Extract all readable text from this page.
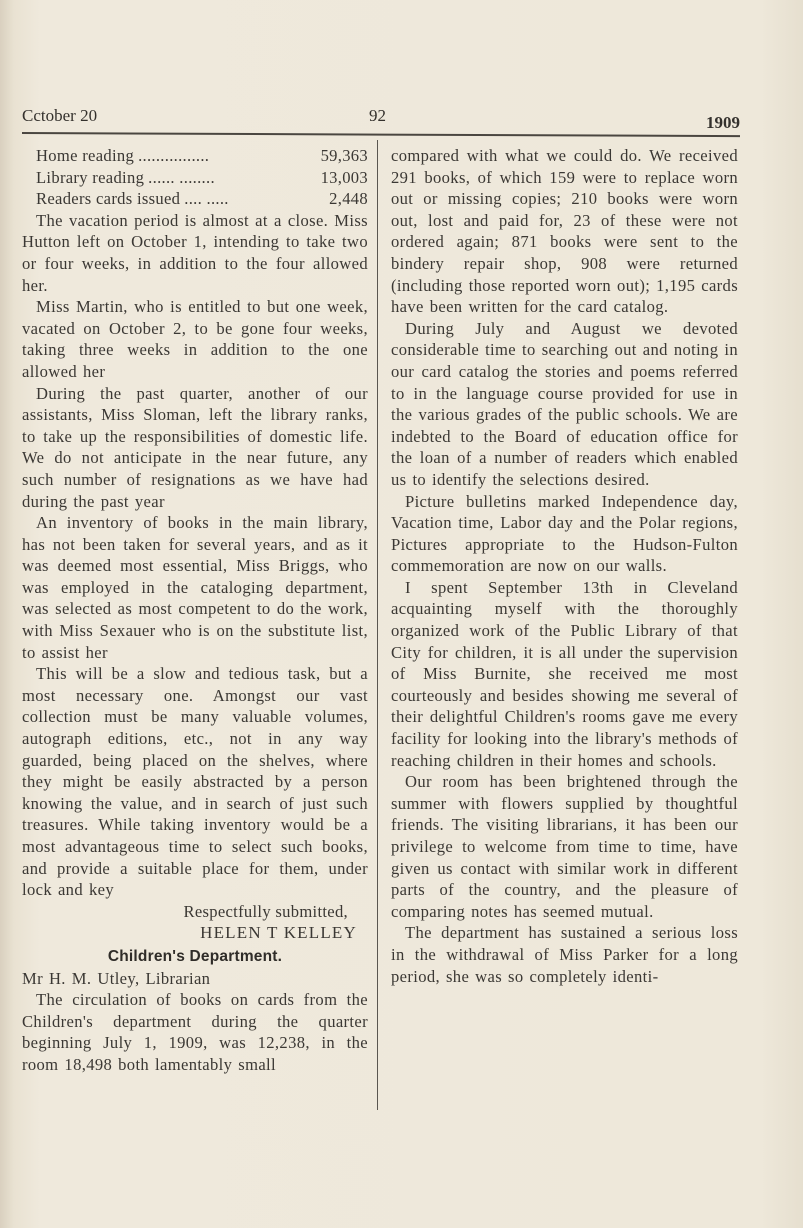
Cctober 20	92	1909
Home reading ................	59,363
Library reading ...... ........	13,003
Readers cards issued .... .....	2,448

The vacation period is almost at a close. Miss Hutton left on October 1, intending to take two or four weeks, in addition to the four allowed her.

Miss Martin, who is entitled to but one week, vacated on October 2, to be gone four weeks, taking three weeks in addition to the one allowed her

During the past quarter, another of our assistants, Miss Sloman, left the library ranks, to take up the responsibilities of domestic life. We do not anticipate in the near future, any such number of resignations as we have had during the past year

An inventory of books in the main library, has not been taken for several years, and as it was deemed most essential, Miss Briggs, who was employed in the cataloging department, was selected as most competent to do the work, with Miss Sexauer who is on the substitute list, to assist her

This will be a slow and tedious task, but a most necessary one. Amongst our vast collection must be many valuable volumes, autograph editions, etc., not in any way guarded, being placed on the shelves, where they might be easily abstracted by a person knowing the value, and in search of just such treasures. While taking inventory would be a most advantageous time to select such books, and provide a suitable place for them, under lock and key

Respectfully submitted,
HELEN T KELLEY
Children's Department.

Mr H. M. Utley, Librarian

The circulation of books on cards from the Children's department during the quarter beginning July 1, 1909, was 12,238, in the room 18,498 both lamentably small

compared with what we could do. We received 291 books, of which 159 were to replace worn out or missing copies; 210 books were worn out, lost and paid for, 23 of these were not ordered again; 871 books were sent to the bindery repair shop, 908 were returned (including those reported worn out); 1,195 cards have been written for the card catalog.

During July and August we devoted considerable time to searching out and noting in our card catalog the stories and poems referred to in the language course provided for use in the various grades of the public schools. We are indebted to the Board of education office for the loan of a number of readers which enabled us to identify the selections desired.

Picture bulletins marked Independence day, Vacation time, Labor day and the Polar regions, Pictures appropriate to the Hudson-Fulton commemoration are now on our walls.

I spent September 13th in Cleveland acquainting myself with the thoroughly organized work of the Public Library of that City for children, it is all under the supervision of Miss Burnite, she received me most courteously and besides showing me several of their delightful Children's rooms gave me every facility for looking into the library's methods of reaching children in their homes and schools.

Our room has been brightened through the summer with flowers supplied by thoughtful friends. The visiting librarians, it has been our privilege to welcome from time to time, have given us contact with similar work in different parts of the country, and the pleasure of comparing notes has seemed mutual.

The department has sustained a serious loss in the withdrawal of Miss Parker for a long period, she was so completely identi-
